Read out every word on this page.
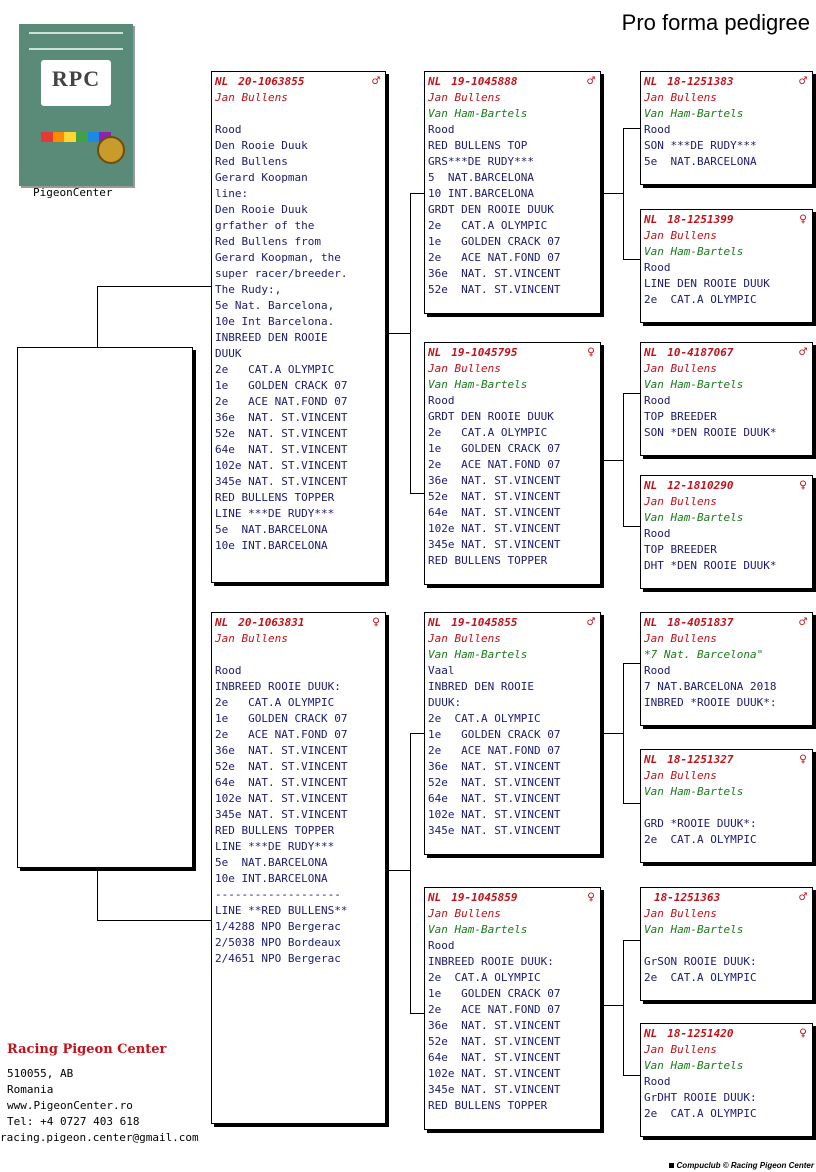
Pro forma pedigree
RPC
PigeonCenter
NL 20-1063855	♂
Jan Bullens
Rood
Den Rooie Duuk
Red Bullens
Gerard Koopman
line:
Den Rooie Duuk
grfather of the
Red Bullens from
Gerard Koopman, the
super racer/breeder.
The Rudy:,
5e Nat. Barcelona,
10e Int Barcelona.
INBREED DEN ROOIE
DUUK
2e   CAT.A OLYMPIC
1e   GOLDEN CRACK 07
2e   ACE NAT.FOND 07
36e  NAT. ST.VINCENT
52e  NAT. ST.VINCENT
64e  NAT. ST.VINCENT
102e NAT. ST.VINCENT
345e NAT. ST.VINCENT
RED BULLENS TOPPER
LINE ***DE RUDY***
5e  NAT.BARCELONA
10e INT.BARCELONA
NL 20-1063831	♀
Jan Bullens
Rood
INBREED ROOIE DUUK:
2e   CAT.A OLYMPIC
1e   GOLDEN CRACK 07
2e   ACE NAT.FOND 07
36e  NAT. ST.VINCENT
52e  NAT. ST.VINCENT
64e  NAT. ST.VINCENT
102e NAT. ST.VINCENT
345e NAT. ST.VINCENT
RED BULLENS TOPPER
LINE ***DE RUDY***
5e  NAT.BARCELONA
10e INT.BARCELONA
-------------------
LINE **RED BULLENS**
1/4288 NPO Bergerac
2/5038 NPO Bordeaux
2/4651 NPO Bergerac
NL 19-1045888	♂
Jan Bullens
Van Ham-Bartels
Rood
RED BULLENS TOP
GRS***DE RUDY***
5  NAT.BARCELONA
10 INT.BARCELONA
GRDT DEN ROOIE DUUK
2e   CAT.A OLYMPIC
1e   GOLDEN CRACK 07
2e   ACE NAT.FOND 07
36e  NAT. ST.VINCENT
52e  NAT. ST.VINCENT
NL 19-1045795	♀
Jan Bullens
Van Ham-Bartels
Rood
GRDT DEN ROOIE DUUK
2e   CAT.A OLYMPIC
1e   GOLDEN CRACK 07
2e   ACE NAT.FOND 07
36e  NAT. ST.VINCENT
52e  NAT. ST.VINCENT
64e  NAT. ST.VINCENT
102e NAT. ST.VINCENT
345e NAT. ST.VINCENT
RED BULLENS TOPPER
NL 19-1045855	♂
Jan Bullens
Van Ham-Bartels
Vaal
INBRED DEN ROOIE
DUUK:
2e  CAT.A OLYMPIC
1e   GOLDEN CRACK 07
2e   ACE NAT.FOND 07
36e  NAT. ST.VINCENT
52e  NAT. ST.VINCENT
64e  NAT. ST.VINCENT
102e NAT. ST.VINCENT
345e NAT. ST.VINCENT
NL 19-1045859	♀
Jan Bullens
Van Ham-Bartels
Rood
INBREED ROOIE DUUK:
2e  CAT.A OLYMPIC
1e   GOLDEN CRACK 07
2e   ACE NAT.FOND 07
36e  NAT. ST.VINCENT
52e  NAT. ST.VINCENT
64e  NAT. ST.VINCENT
102e NAT. ST.VINCENT
345e NAT. ST.VINCENT
RED BULLENS TOPPER
NL 18-1251383	♂
Jan Bullens
Van Ham-Bartels
Rood
SON ***DE RUDY***
5e  NAT.BARCELONA
NL 18-1251399	♀
Jan Bullens
Van Ham-Bartels
Rood
LINE DEN ROOIE DUUK
2e  CAT.A OLYMPIC
NL 10-4187067	♂
Jan Bullens
Van Ham-Bartels
Rood
TOP BREEDER
SON *DEN ROOIE DUUK*
NL 12-1810290	♀
Jan Bullens
Van Ham-Bartels
Rood
TOP BREEDER
DHT *DEN ROOIE DUUK*
NL 18-4051837	♂
Jan Bullens
*7 Nat. Barcelona"
Rood
7 NAT.BARCELONA 2018
INBRED *ROOIE DUUK*:
NL 18-1251327	♀
Jan Bullens
Van Ham-Bartels
GRD *ROOIE DUUK*:
2e  CAT.A OLYMPIC
18-1251363	♂
Jan Bullens
Van Ham-Bartels
GrSON ROOIE DUUK:
2e  CAT.A OLYMPIC
NL 18-1251420	♀
Jan Bullens
Van Ham-Bartels
Rood
GrDHT ROOIE DUUK:
2e  CAT.A OLYMPIC
Racing Pigeon Center
510055, AB
Romania
www.PigeonCenter.ro
Tel: +4 0727 403 618
racing.pigeon.center@gmail.com
Compuclub © Racing Pigeon Center
